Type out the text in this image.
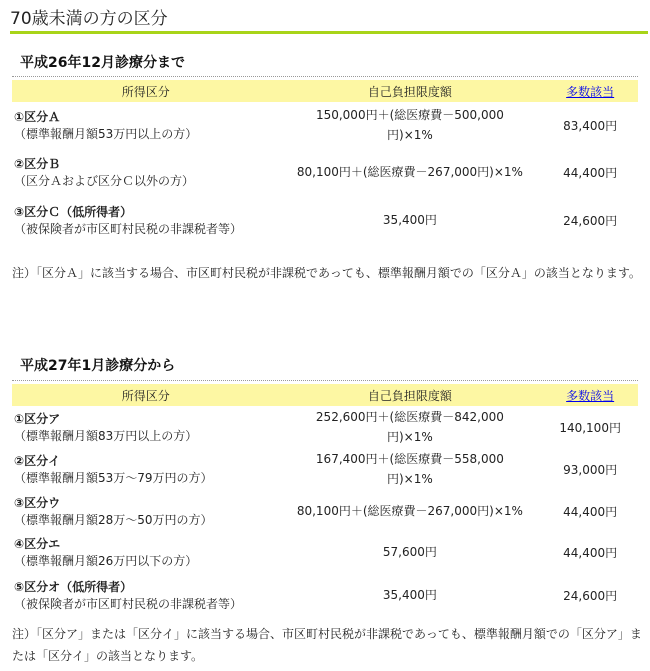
70歳未満の方の区分
平成26年12月診療分まで
所得区分	自己負担限度額	多数該当

①区分Ａ
（標準報酬月額53万円以上の方）	150,000円＋(総医療費－500,000円)×1%	83,400円

②区分Ｂ
（区分Ａおよび区分Ｃ以外の方）	80,100円＋(総医療費－267,000円)×1%	44,400円

③区分Ｃ（低所得者）
（被保険者が市区町村民税の非課税者等）	35,400円	24,600円
注）「区分Ａ」に該当する場合、市区町村民税が非課税であっても、標準報酬月額での「区分Ａ」の該当となります。
平成27年1月診療分から
所得区分	自己負担限度額	多数該当

①区分ア
（標準報酬月額83万円以上の方）	252,600円＋(総医療費－842,000円)×1%	140,100円

②区分イ
（標準報酬月額53万～79万円の方）	167,400円＋(総医療費－558,000円)×1%	93,000円

③区分ウ
（標準報酬月額28万～50万円の方）	80,100円＋(総医療費－267,000円)×1%	44,400円

④区分エ
（標準報酬月額26万円以下の方）	57,600円	44,400円

⑤区分オ（低所得者）
（被保険者が市区町村民税の非課税者等）	35,400円	24,600円
注）「区分ア」または「区分イ」に該当する場合、市区町村民税が非課税であっても、標準報酬月額での「区分ア」または「区分イ」の該当となります。
